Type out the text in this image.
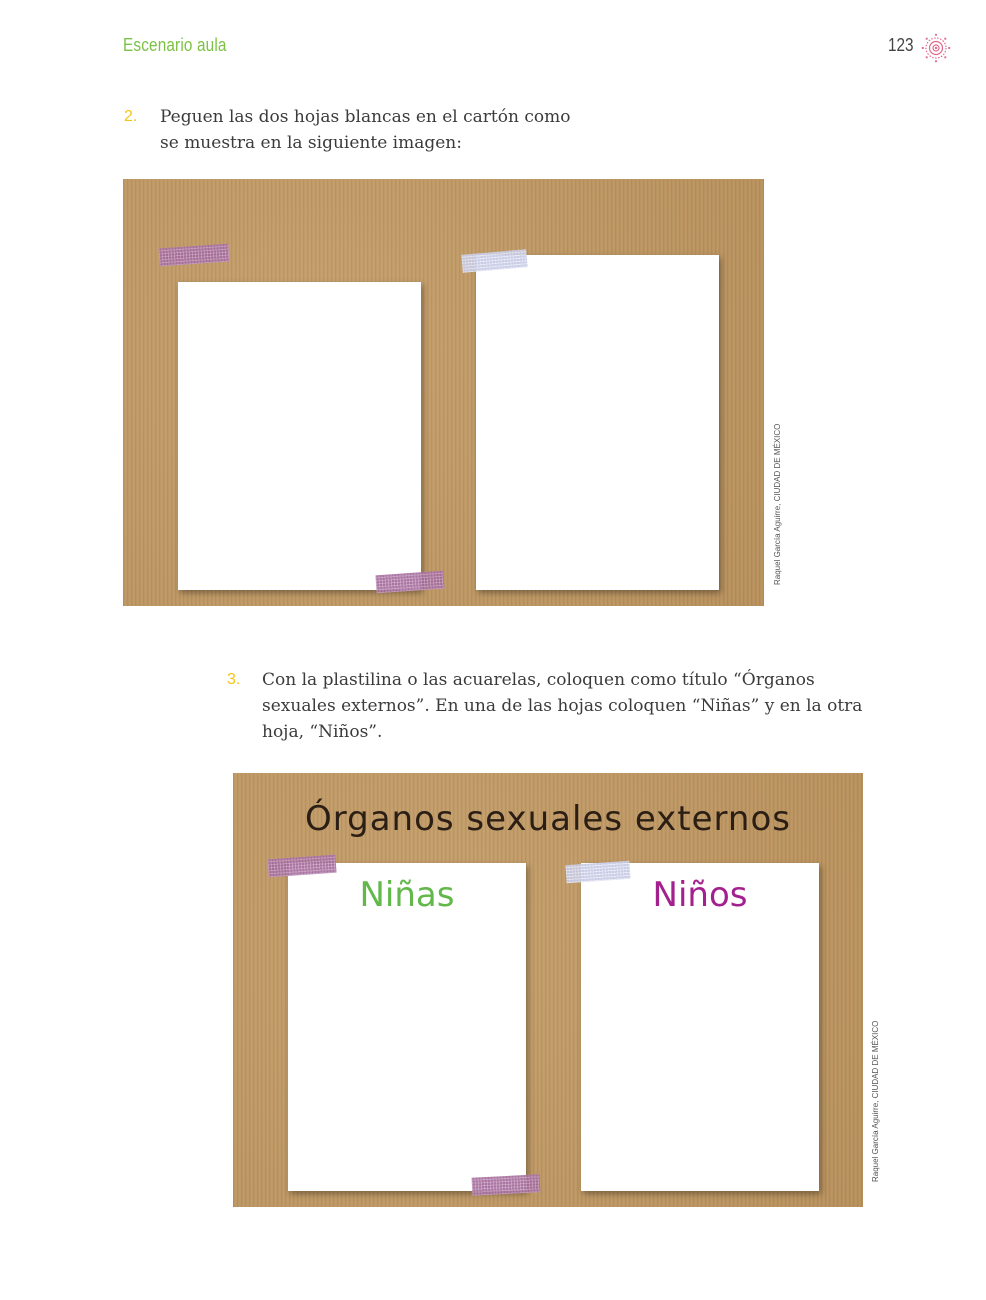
Escenario aula	123
2. Peguen las dos hojas blancas en el cartón como se muestra en la siguiente imagen:
Raquel García Aguirre, CIUDAD DE MÉXICO
3. Con la plastilina o las acuarelas, coloquen como título “Órganos sexuales externos”. En una de las hojas coloquen “Niñas” y en la otra hoja, “Niños”.
Órganos sexuales externos
Niñas	Niños
Raquel García Aguirre, CIUDAD DE MÉXICO
